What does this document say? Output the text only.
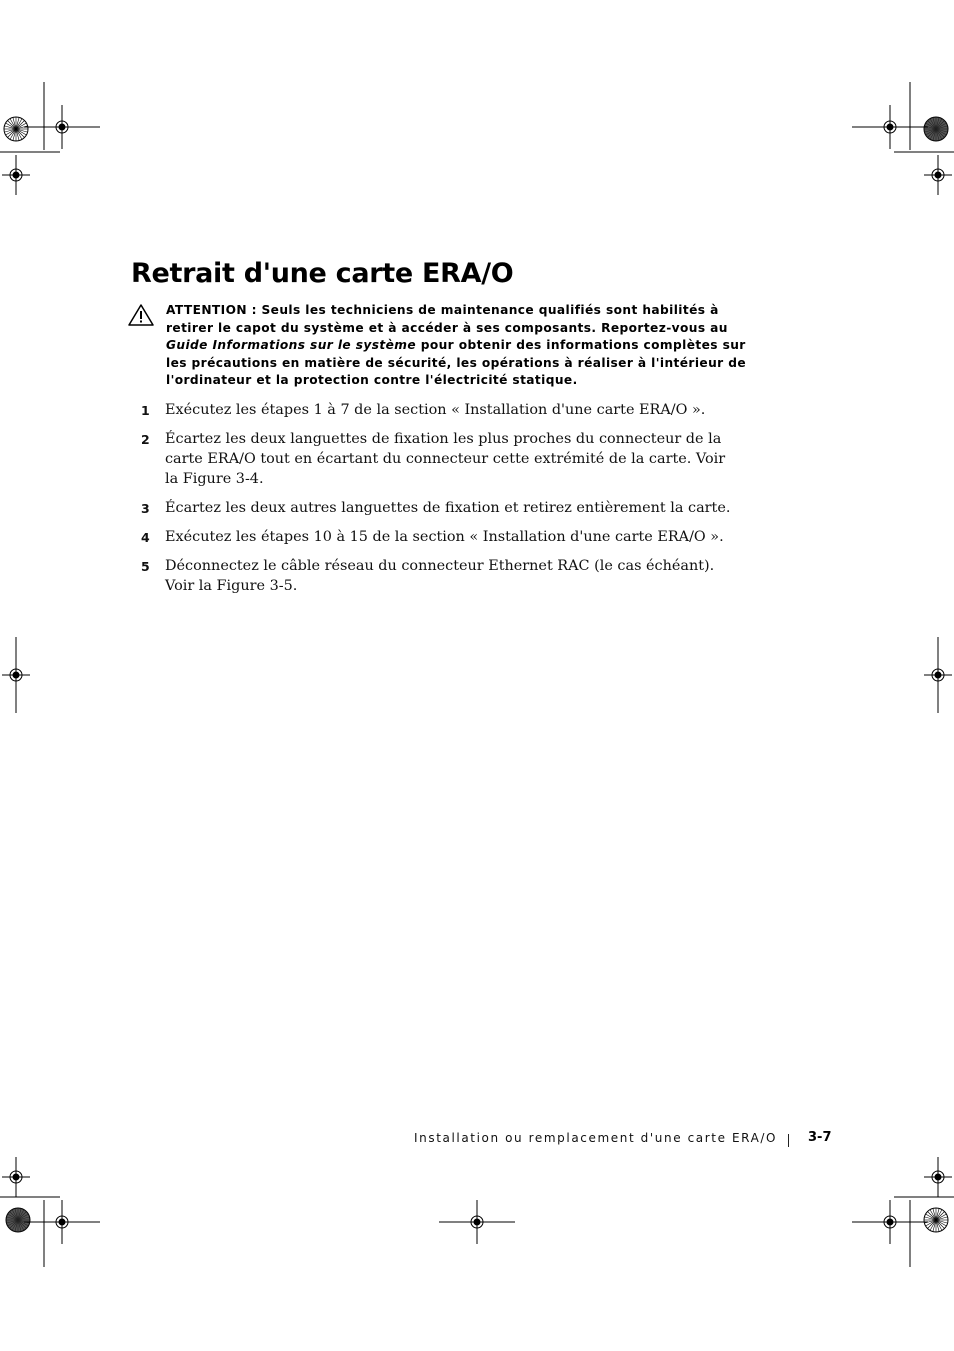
Retrait d'une carte ERA/O

ATTENTION : Seuls les techniciens de maintenance qualifiés sont habilités à retirer le capot du système et à accéder à ses composants. Reportez-vous au Guide Informations sur le système pour obtenir des informations complètes sur les précautions en matière de sécurité, les opérations à réaliser à l'intérieur de l'ordinateur et la protection contre l'électricité statique.

1 Exécutez les étapes 1 à 7 de la section « Installation d'une carte ERA/O ».
2 Écartez les deux languettes de fixation les plus proches du connecteur de la carte ERA/O tout en écartant du connecteur cette extrémité de la carte. Voir la Figure 3-4.
3 Écartez les deux autres languettes de fixation et retirez entièrement la carte.
4 Exécutez les étapes 10 à 15 de la section « Installation d'une carte ERA/O ».
5 Déconnectez le câble réseau du connecteur Ethernet RAC (le cas échéant). Voir la Figure 3-5.
Installation ou remplacement d'une carte ERA/O 3-7
